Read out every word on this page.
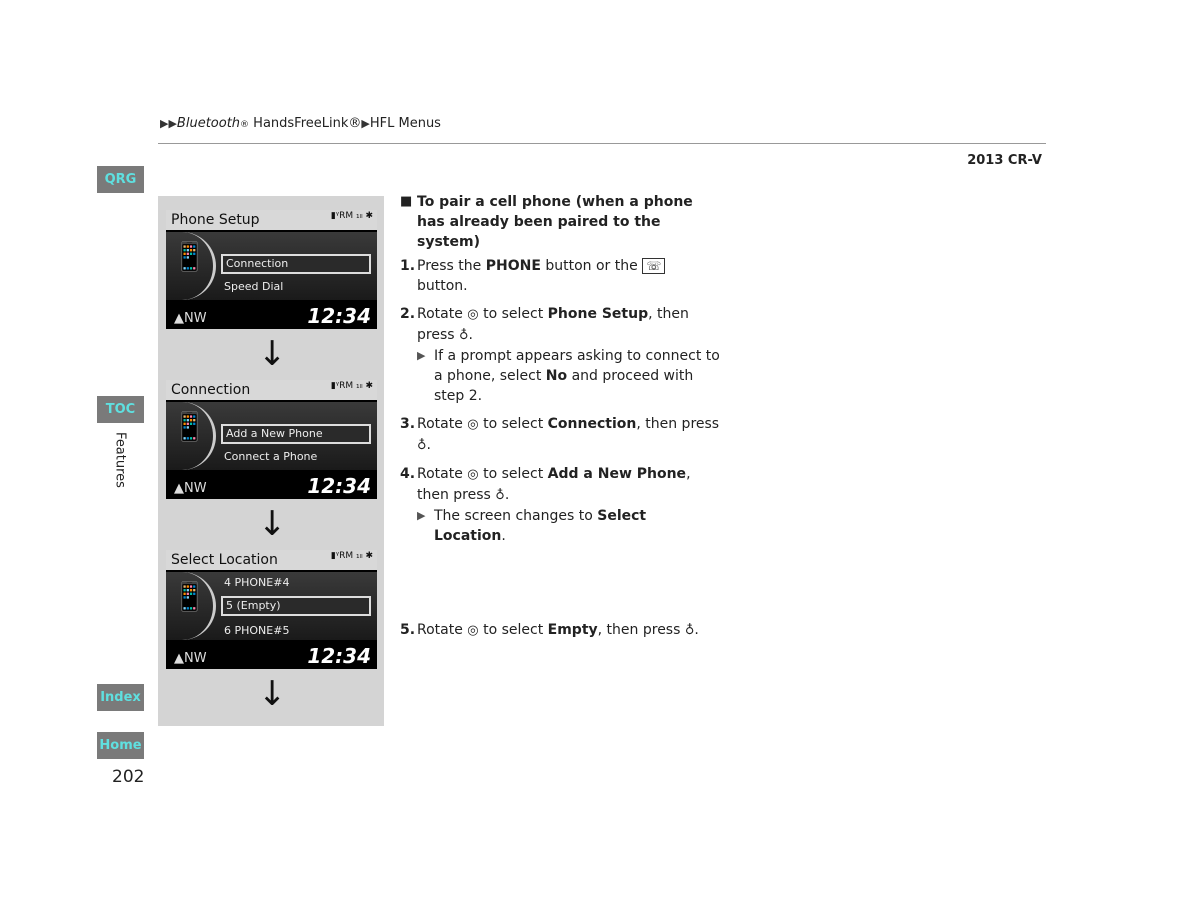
▶▶Bluetooth® HandsFreeLink®▶HFL Menus
2013 CR-V
QRG
TOC
Features
Index
Home
202
Phone Setup	▮ᵞRM ₁ₗₗ ✱
📱	Connection
Speed Dial
▲NW	12:34
↓
Connection	▮ᵞRM ₁ₗₗ ✱
📱	Add a New Phone
Connect a Phone
▲NW	12:34
↓
Select Location	▮ᵞRM ₁ₗₗ ✱
📱 4 PHONE#4
5 (Empty)
6 PHONE#5
▲NW	12:34
↓
■ To pair a cell phone (when a phone has already been paired to the system)
1. Press the PHONE button or the ☏ button.
2. Rotate ◎ to select Phone Setup, then press ♁.
▶ If a prompt appears asking to connect to a phone, select No and proceed with step 2.
3. Rotate ◎ to select Connection, then press ♁.
4. Rotate ◎ to select Add a New Phone, then press ♁.
▶ The screen changes to Select Location.
5. Rotate ◎ to select Empty, then press ♁.
